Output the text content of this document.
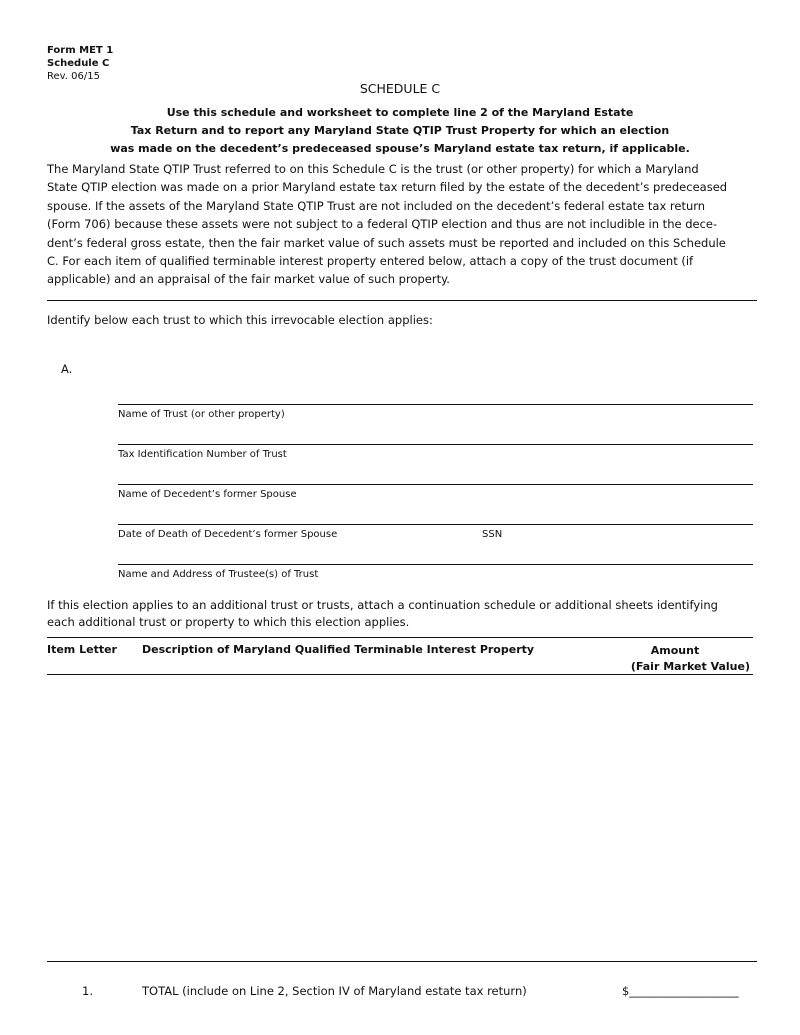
Form MET 1
Schedule C
Rev. 06/15
SCHEDULE C
Use this schedule and worksheet to complete line 2 of the Maryland Estate
Tax Return and to report any Maryland State QTIP Trust Property for which an election
was made on the decedent’s predeceased spouse’s Maryland estate tax return, if applicable.
The Maryland State QTIP Trust referred to on this Schedule C is the trust (or other property) for which a Maryland
State QTIP election was made on a prior Maryland estate tax return filed by the estate of the decedent’s predeceased
spouse. If the assets of the Maryland State QTIP Trust are not included on the decedent’s federal estate tax return
(Form 706) because these assets were not subject to a federal QTIP election and thus are not includible in the dece-
dent’s federal gross estate, then the fair market value of such assets must be reported and included on this Schedule
C. For each item of qualified terminable interest property entered below, attach a copy of the trust document (if
applicable) and an appraisal of the fair market value of such property.
Identify below each trust to which this irrevocable election applies:
A.
Name of Trust (or other property)
Tax Identification Number of Trust
Name of Decedent’s former Spouse
Date of Death of Decedent’s former Spouse	SSN
Name and Address of Trustee(s) of Trust
If this election applies to an additional trust or trusts, attach a continuation schedule or additional sheets identifying
each additional trust or property to which this election applies.
Item Letter Description of Maryland Qualified Terminable Interest Property	Amount
(Fair Market Value)
1.	TOTAL (include on Line 2, Section IV of Maryland estate tax return)	$___________________
